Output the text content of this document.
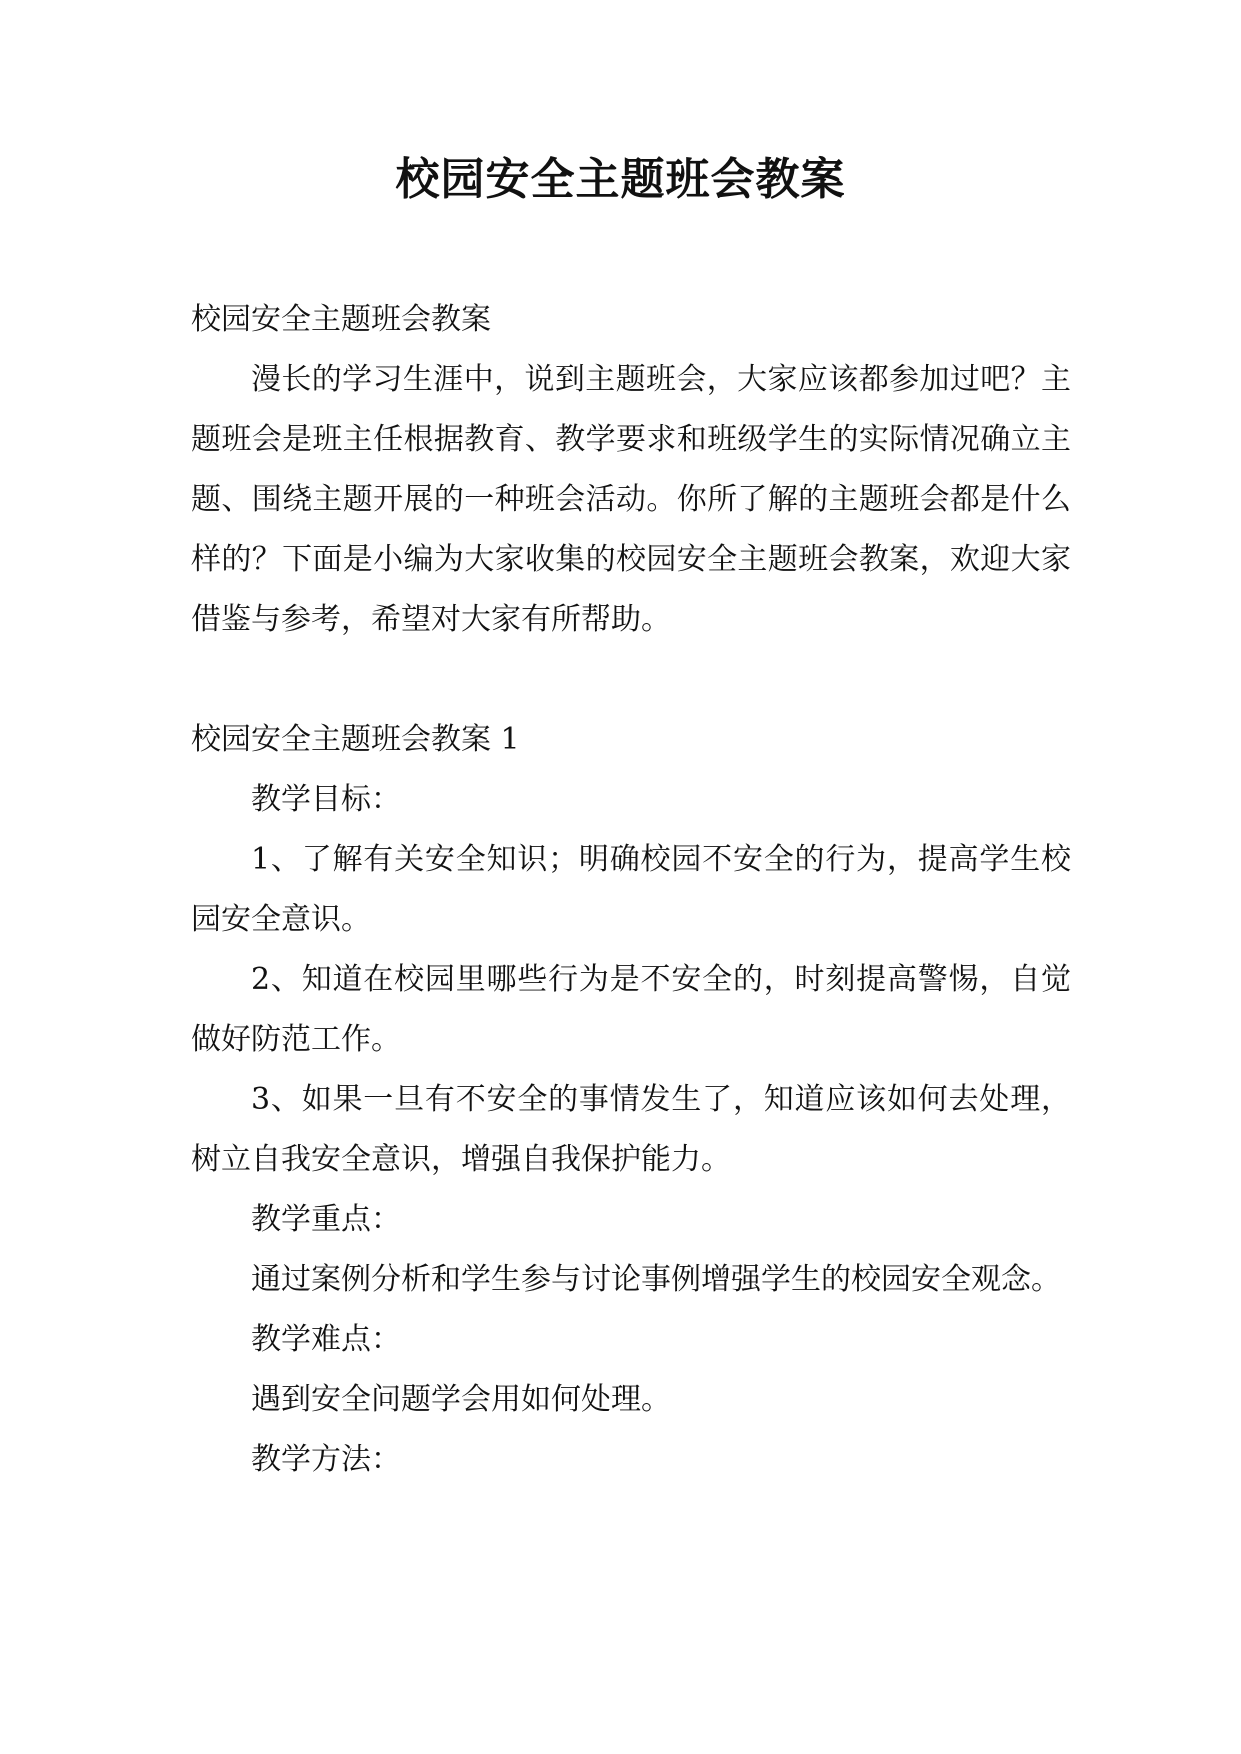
校园安全主题班会教案

校园安全主题班会教案

漫长的学习生涯中，说到主题班会，大家应该都参加过吧？主题班会是班主任根据教育、教学要求和班级学生的实际情况确立主题、围绕主题开展的一种班会活动。你所了解的主题班会都是什么样的？下面是小编为大家收集的校园安全主题班会教案，欢迎大家借鉴与参考，希望对大家有所帮助。

校园安全主题班会教案 1

教学目标：

1、了解有关安全知识；明确校园不安全的行为，提高学生校园安全意识。

2、知道在校园里哪些行为是不安全的，时刻提高警惕，自觉做好防范工作。

3、如果一旦有不安全的事情发生了，知道应该如何去处理，树立自我安全意识，增强自我保护能力。

教学重点：

通过案例分析和学生参与讨论事例增强学生的校园安全观念。

教学难点：

遇到安全问题学会用如何处理。

教学方法：
